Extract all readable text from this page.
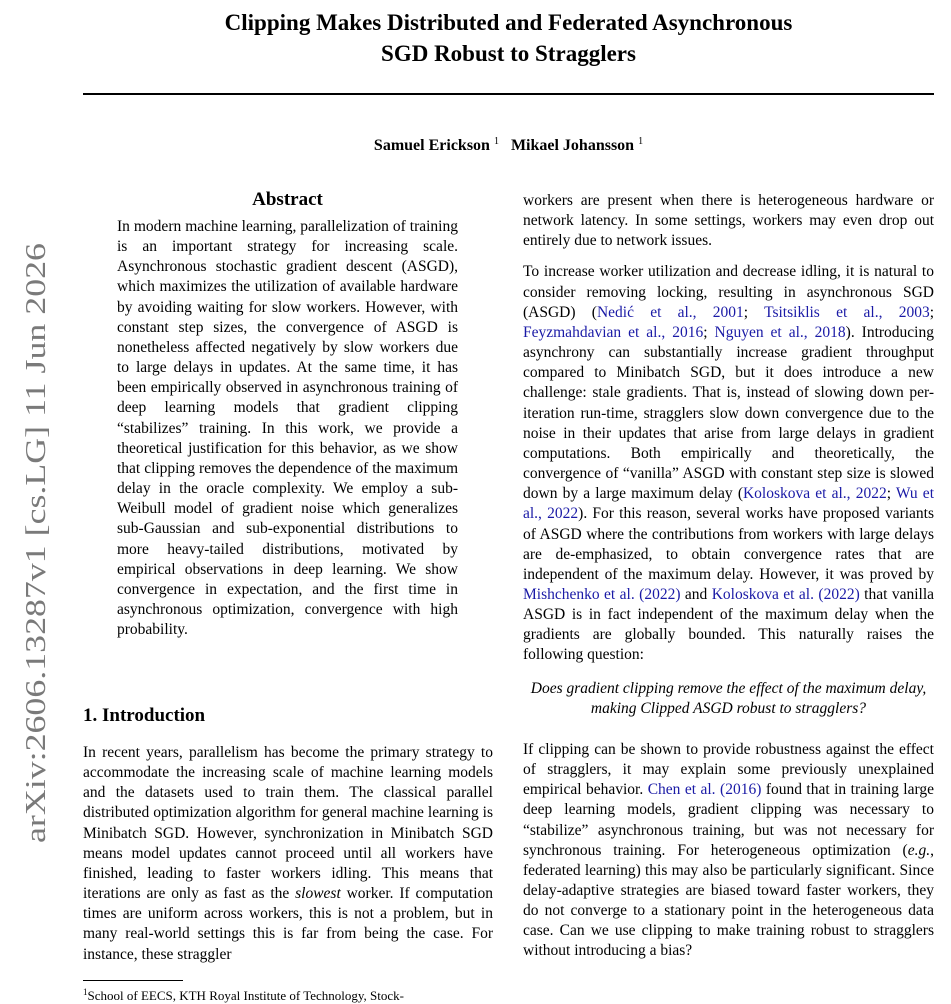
arXiv:2606.13287v1 [cs.LG] 11 Jun 2026
Clipping Makes Distributed and Federated Asynchronous
SGD Robust to Stragglers
Samuel Erickson $^1$ Mikael Johansson $^1$
Abstract

In modern machine learning, parallelization of training is an important strategy for increasing scale. Asynchronous stochastic gradient descent (ASGD), which maximizes the utilization of available hardware by avoiding waiting for slow workers. However, with constant step sizes, the convergence of ASGD is nonetheless affected negatively by slow workers due to large delays in updates. At the same time, it has been empirically observed in asynchronous training of deep learning models that gradient clipping “stabilizes” training. In this work, we provide a theoretical justification for this behavior, as we show that clipping removes the dependence of the maximum delay in the oracle complexity. We employ a sub-Weibull model of gradient noise which generalizes sub-Gaussian and sub-exponential distributions to more heavy-tailed distributions, motivated by empirical observations in deep learning. We show convergence in expectation, and the first time in asynchronous optimization, convergence with high probability.

1. Introduction

In recent years, parallelism has become the primary strategy to accommodate the increasing scale of machine learning models and the datasets used to train them. The classical parallel distributed optimization algorithm for general machine learning is Minibatch SGD. However, synchronization in Minibatch SGD means model updates cannot proceed until all workers have finished, leading to faster workers idling. This means that iterations are only as fast as the slowest worker. If computation times are uniform across workers, this is not a problem, but in many real-world settings this is far from being the case. For instance, these straggler

$^1$School of EECS, KTH Royal Institute of Technology, Stock-

workers are present when there is heterogeneous hardware or network latency. In some settings, workers may even drop out entirely due to network issues.

To increase worker utilization and decrease idling, it is natural to consider removing locking, resulting in asynchronous SGD (ASGD) (Nedić et al., 2001; Tsitsiklis et al., 2003; Feyzmahdavian et al., 2016; Nguyen et al., 2018). Introducing asynchrony can substantially increase gradient throughput compared to Minibatch SGD, but it does introduce a new challenge: stale gradients. That is, instead of slowing down per-iteration run-time, stragglers slow down convergence due to the noise in their updates that arise from large delays in gradient computations. Both empirically and theoretically, the convergence of “vanilla” ASGD with constant step size is slowed down by a large maximum delay (Koloskova et al., 2022; Wu et al., 2022). For this reason, several works have proposed variants of ASGD where the contributions from workers with large delays are de-emphasized, to obtain convergence rates that are independent of the maximum delay. However, it was proved by Mishchenko et al. (2022) and Koloskova et al. (2022) that vanilla ASGD is in fact independent of the maximum delay when the gradients are globally bounded. This naturally raises the following question:

Does gradient clipping remove the effect of the maximum delay, making Clipped ASGD robust to stragglers?

If clipping can be shown to provide robustness against the effect of stragglers, it may explain some previously unexplained empirical behavior. Chen et al. (2016) found that in training large deep learning models, gradient clipping was necessary to “stabilize” asynchronous training, but was not necessary for synchronous training. For heterogeneous optimization (e.g., federated learning) this may also be particularly significant. Since delay-adaptive strategies are biased toward faster workers, they do not converge to a stationary point in the heterogeneous data case. Can we use clipping to make training robust to stragglers without introducing a bias?
